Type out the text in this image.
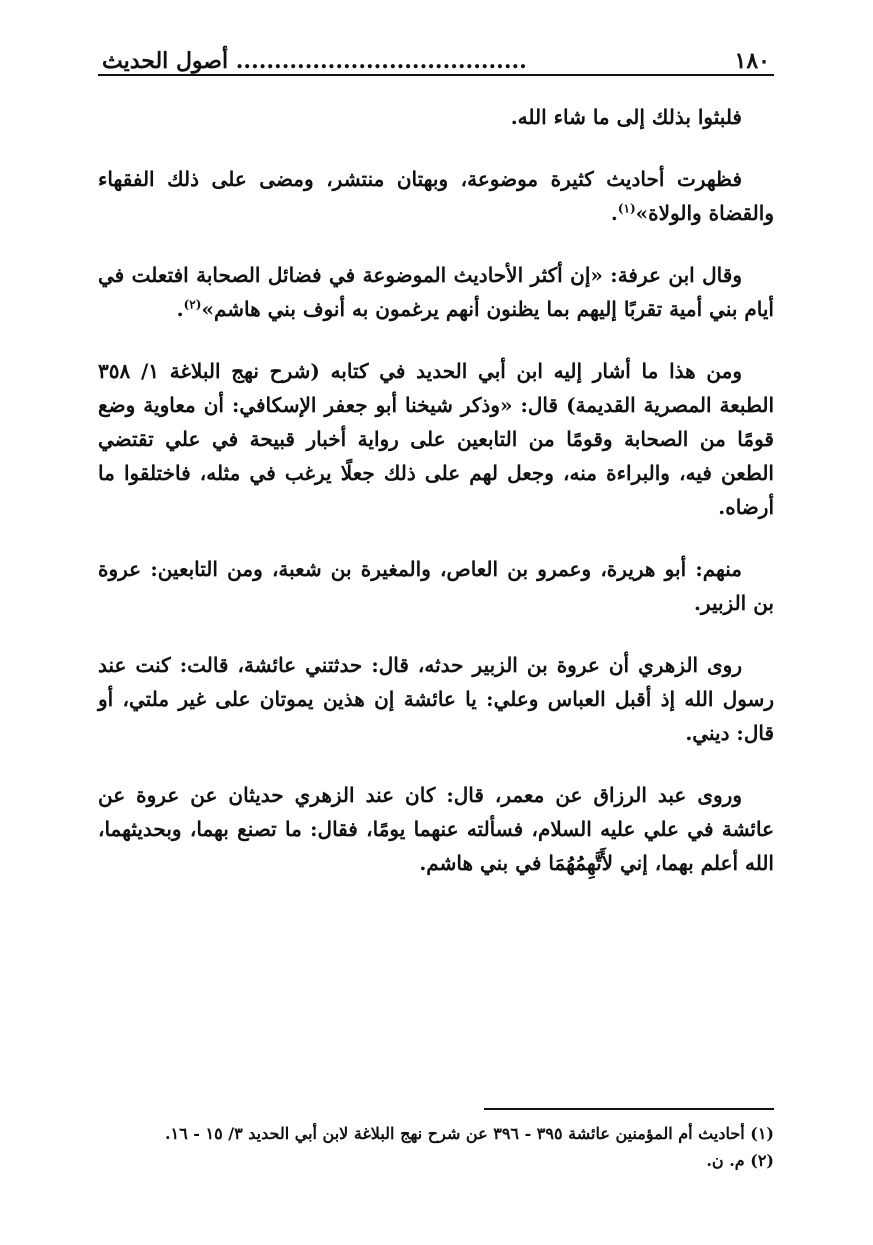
١٨٠
...................................... أصول الحديث

فلبثوا بذلك إلى ما شاء الله.

فظهرت أحاديث كثيرة موضوعة، وبهتان منتشر، ومضى على ذلك الفقهاء والقضاة والولاة»$^{(١)}$.

وقال ابن عرفة: «إن أكثر الأحاديث الموضوعة في فضائل الصحابة افتعلت في أيام بني أمية تقربًا إليهم بما يظنون أنهم يرغمون به أنوف بني هاشم»$^{(٢)}$.

ومن هذا ما أشار إليه ابن أبي الحديد في كتابه (شرح نهج البلاغة ١/ ٣٥٨ الطبعة المصرية القديمة) قال: «وذكر شيخنا أبو جعفر الإسكافي: أن معاوية وضع قومًا من الصحابة وقومًا من التابعين على رواية أخبار قبيحة في علي تقتضي الطعن فيه، والبراءة منه، وجعل لهم على ذلك جعلًا يرغب في مثله، فاختلقوا ما أرضاه.

منهم: أبو هريرة، وعمرو بن العاص، والمغيرة بن شعبة، ومن التابعين: عروة بن الزبير.

روى الزهري أن عروة بن الزبير حدثه، قال: حدثتني عائشة، قالت: كنت عند رسول الله إذ أقبل العباس وعلي: يا عائشة إن هذين يموتان على غير ملتي، أو قال: ديني.

وروى عبد الرزاق عن معمر، قال: كان عند الزهري حديثان عن عروة عن عائشة في علي عليه السلام، فسألته عنهما يومًا، فقال: ما تصنع بهما، وبحديثهما، الله أعلم بهما، إني لأَتَّهِمُهُمَا في بني هاشم.

(١) أحاديث أم المؤمنين عائشة ٣٩٥ - ٣٩٦ عن شرح نهج البلاغة لابن أبي الحديد ٣/ ١٥ - ١٦.

(٢) م. ن.
